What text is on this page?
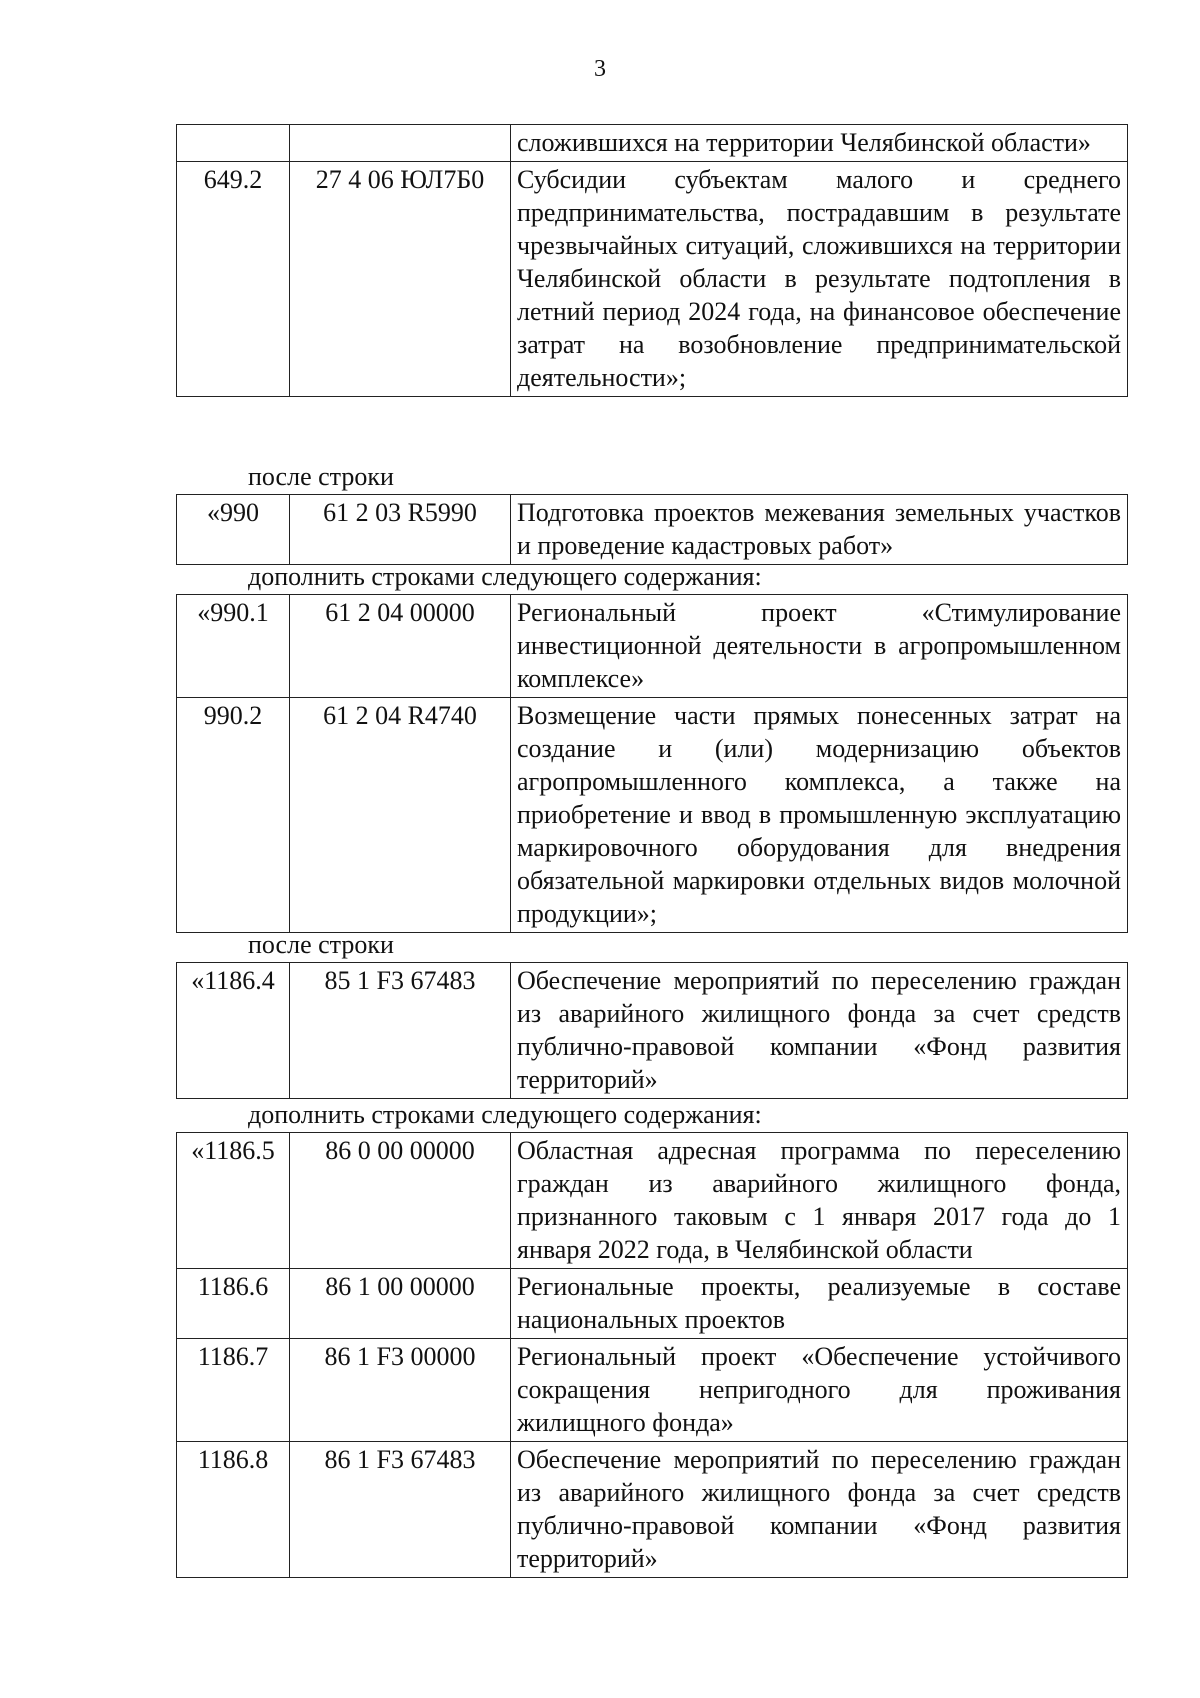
3
		сложившихся на территории Челябинской области»
649.2	27 4 06 ЮЛ7Б0	Субсидии субъектам малого и среднего предпринимательства, пострадавшим в результате чрезвычайных ситуаций, сложившихся на территории Челябинской области в результате подтопления в летний период 2024 года, на финансовое обеспечение затрат на возобновление предпринимательской деятельности»;
после строки
«990	61 2 03 R5990	Подготовка проектов межевания земельных участков и проведение кадастровых работ»
дополнить строками следующего содержания:
«990.1	61 2 04 00000	Региональный проект «Стимулирование инвестиционной деятельности в агропромышленном комплексе»
990.2	61 2 04 R4740	Возмещение части прямых понесенных затрат на создание и (или) модернизацию объектов агропромышленного комплекса, а также на приобретение и ввод в промышленную эксплуатацию маркировочного оборудования для внедрения обязательной маркировки отдельных видов молочной продукции»;
после строки
«1186.4	85 1 F3 67483	Обеспечение мероприятий по переселению граждан из аварийного жилищного фонда за счет средств публично-правовой компании «Фонд развития территорий»
дополнить строками следующего содержания:
«1186.5	86 0 00 00000	Областная адресная программа по переселению граждан из аварийного жилищного фонда, признанного таковым с 1 января 2017 года до 1 января 2022 года, в Челябинской области
1186.6	86 1 00 00000	Региональные проекты, реализуемые в составе национальных проектов
1186.7	86 1 F3 00000	Региональный проект «Обеспечение устойчивого сокращения непригодного для проживания жилищного фонда»
1186.8	86 1 F3 67483	Обеспечение мероприятий по переселению граждан из аварийного жилищного фонда за счет средств публично-правовой компании «Фонд развития территорий»
